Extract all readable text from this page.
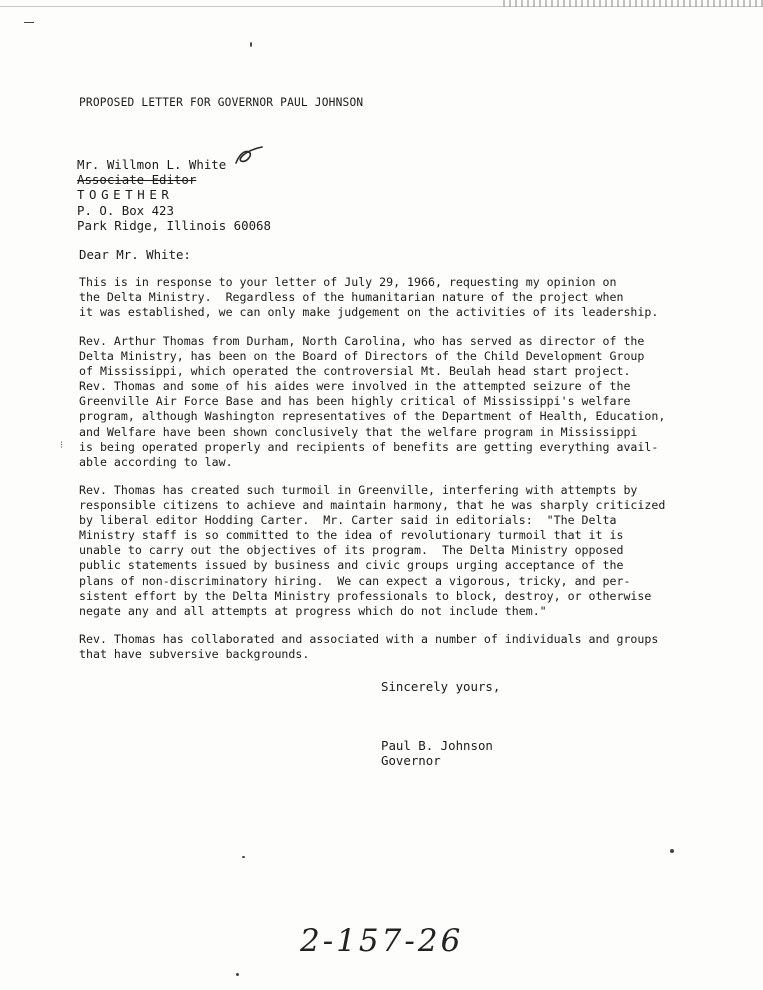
PROPOSED LETTER FOR GOVERNOR PAUL JOHNSON
Mr. Willmon L. White
Associate Editor
TOGETHER
P. O. Box 423
Park Ridge, Illinois 60068
Dear Mr. White:
This is in response to your letter of July 29, 1966, requesting my opinion on
the Delta Ministry.  Regardless of the humanitarian nature of the project when
it was established, we can only make judgement on the activities of its leadership.
Rev. Arthur Thomas from Durham, North Carolina, who has served as director of the
Delta Ministry, has been on the Board of Directors of the Child Development Group
of Mississippi, which operated the controversial Mt. Beulah head start project.
Rev. Thomas and some of his aides were involved in the attempted seizure of the
Greenville Air Force Base and has been highly critical of Mississippi's welfare
program, although Washington representatives of the Department of Health, Education,
and Welfare have been shown conclusively that the welfare program in Mississippi
is being operated properly and recipients of benefits are getting everything avail-
able according to law.
Rev. Thomas has created such turmoil in Greenville, interfering with attempts by
responsible citizens to achieve and maintain harmony, that he was sharply criticized
by liberal editor Hodding Carter.  Mr. Carter said in editorials:  "The Delta
Ministry staff is so committed to the idea of revolutionary turmoil that it is
unable to carry out the objectives of its program.  The Delta Ministry opposed
public statements issued by business and civic groups urging acceptance of the
plans of non-discriminatory hiring.  We can expect a vigorous, tricky, and per-
sistent effort by the Delta Ministry professionals to block, destroy, or otherwise
negate any and all attempts at progress which do not include them."
Rev. Thomas has collaborated and associated with a number of individuals and groups
that have subversive backgrounds.
Sincerely yours,
Paul B. Johnson
Governor
⁝
2-157-26
